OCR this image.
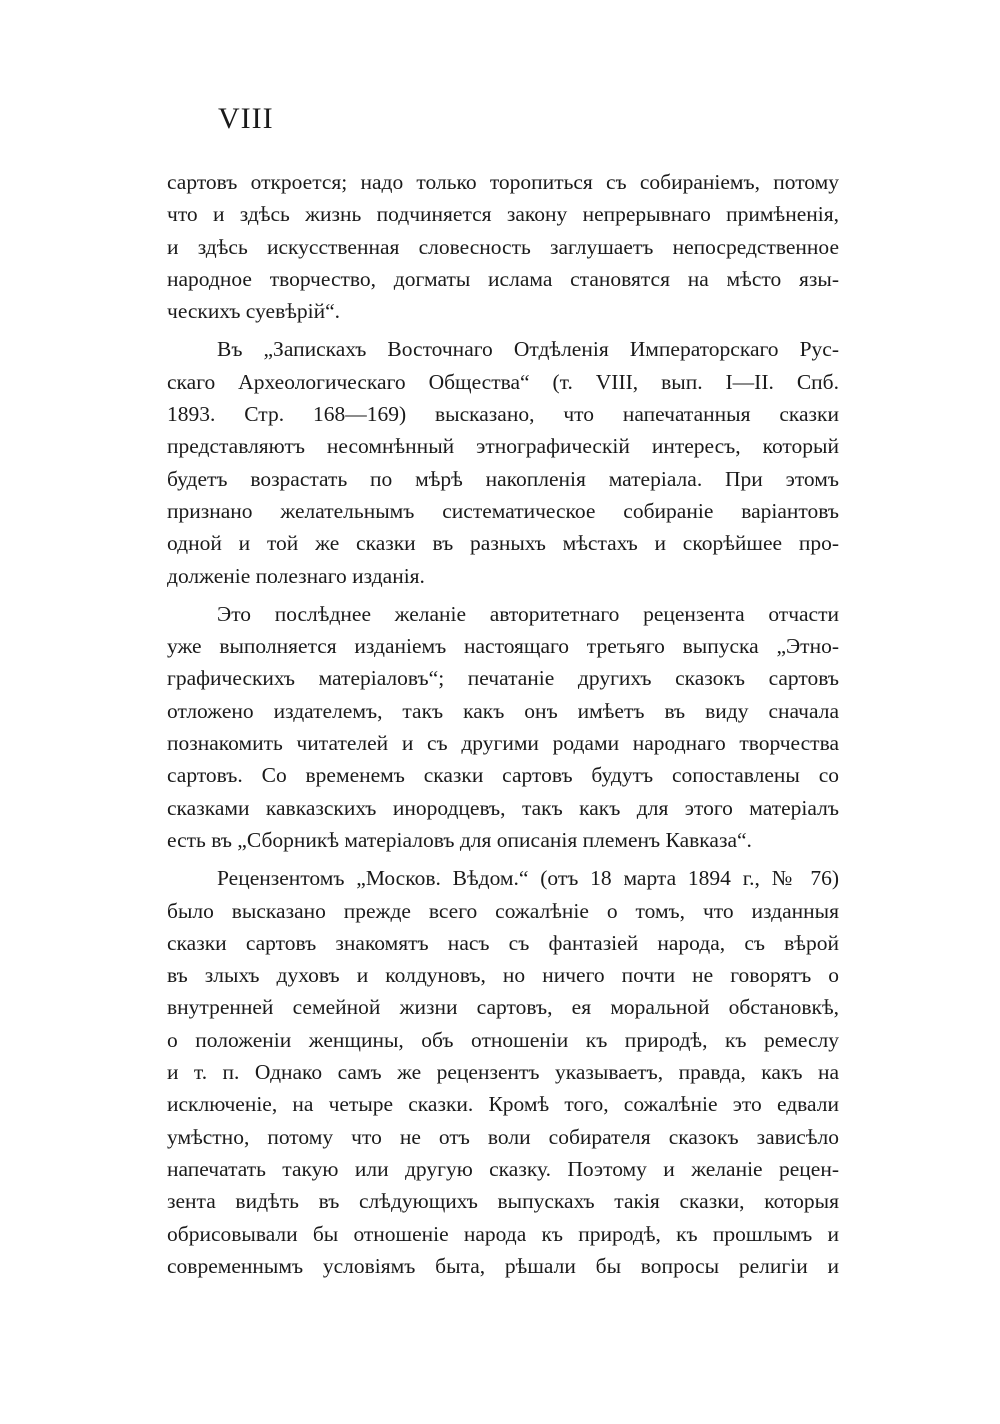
VIII
сартовъ откроется; надо только торопиться съ собиранiемъ, потому
что и здѣсь жизнь подчиняется закону непрерывнаго примѣненiя,
и здѣсь искусственная словесность заглушаетъ непосредственное
народное творчество, догматы ислама становятся на мѣсто язы-
ческихъ суевѣрiй“.
Въ „Запискахъ Восточнаго Отдѣленiя Императорскаго Рус-
скаго Археологическаго Общества“ (т. VIII, вып. I—II. Спб.
1893. Стр. 168—169) высказано, что напечатанныя сказки
представляютъ несомнѣнный этнографическiй интересъ, который
будетъ возрастать по мѣрѣ накопленiя матерiала. При этомъ
признано желательнымъ систематическое собиранiе варiантовъ
одной и той же сказки въ разныхъ мѣстахъ и скорѣйшее про-
долженiе полезнаго изданiя.
Это послѣднее желанiе авторитетнаго рецензента отчасти
уже выполняется изданiемъ настоящаго третьяго выпуска „Этно-
графическихъ матерiаловъ“; печатанiе другихъ сказокъ сартовъ
отложено издателемъ, такъ какъ онъ имѣетъ въ виду сначала
познакомить читателей и съ другими родами народнаго творчества
сартовъ. Со временемъ сказки сартовъ будутъ сопоставлены со
сказками кавказскихъ инородцевъ, такъ какъ для этого матерiалъ
есть въ „Сборникѣ матерiаловъ для описанiя племенъ Кавказа“.
Рецензентомъ „Москов. Вѣдом.“ (отъ 18 марта 1894 г., № 76)
было высказано прежде всего сожалѣнiе о томъ, что изданныя
сказки сартовъ знакомятъ насъ съ фантазiей народа, съ вѣрой
въ злыхъ духовъ и колдуновъ, но ничего почти не говорятъ о
внутренней семейной жизни сартовъ, ея моральной обстановкѣ,
о положенiи женщины, объ отношенiи къ природѣ, къ ремеслу
и т. п. Однако самъ же рецензентъ указываетъ, правда, какъ на
исключенiе, на четыре сказки. Кромѣ того, сожалѣнiе это едвали
умѣстно, потому что не отъ воли собирателя сказокъ зависѣло
напечатать такую или другую сказку. Поэтому и желанiе рецен-
зента видѣть въ слѣдующихъ выпускахъ такiя сказки, которыя
обрисовывали бы отношенiе народа къ природѣ, къ прошлымъ и
современнымъ условiямъ быта, рѣшали бы вопросы религiи и
